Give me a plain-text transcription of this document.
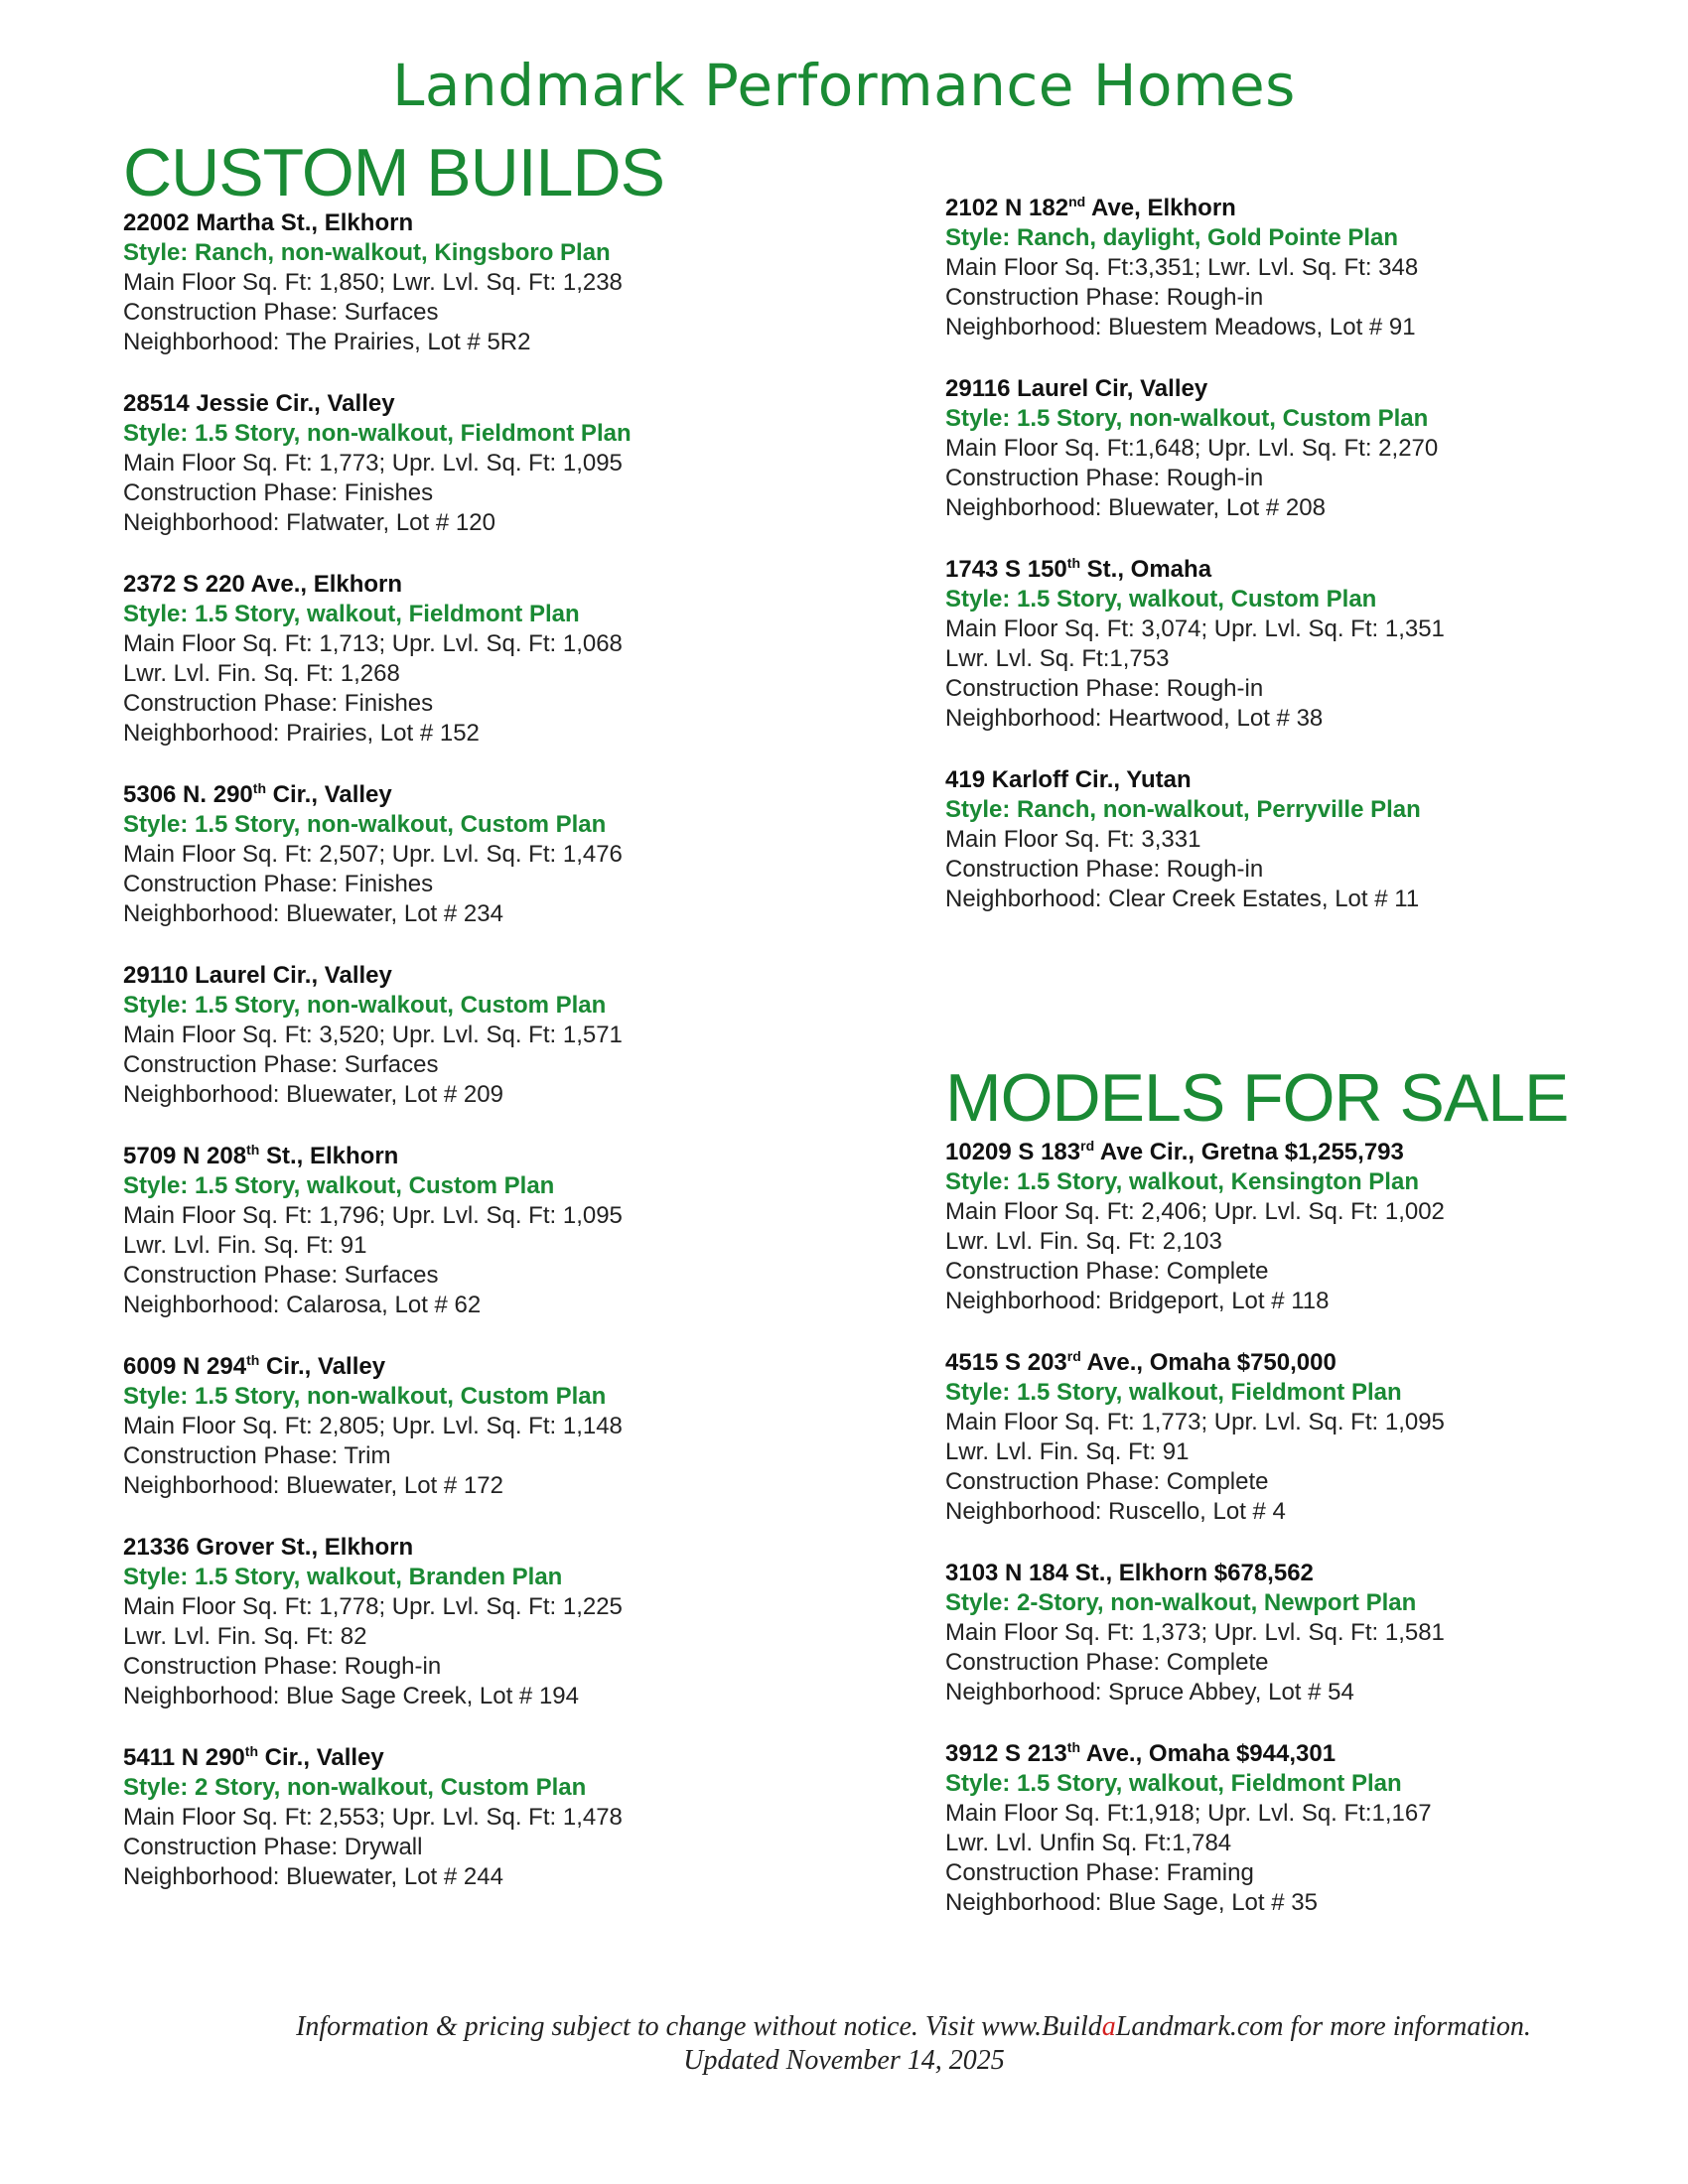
Landmark Performance Homes
CUSTOM BUILDS
22002 Martha St., Elkhorn
Style: Ranch, non-walkout, Kingsboro Plan
Main Floor Sq. Ft: 1,850; Lwr. Lvl. Sq. Ft: 1,238
Construction Phase: Surfaces
Neighborhood: The Prairies, Lot # 5R2
28514 Jessie Cir., Valley
Style: 1.5 Story, non-walkout, Fieldmont Plan
Main Floor Sq. Ft: 1,773; Upr. Lvl. Sq. Ft: 1,095
Construction Phase: Finishes
Neighborhood: Flatwater, Lot # 120
2372 S 220 Ave., Elkhorn
Style: 1.5 Story, walkout, Fieldmont Plan
Main Floor Sq. Ft: 1,713; Upr. Lvl. Sq. Ft: 1,068
Lwr. Lvl. Fin. Sq. Ft: 1,268
Construction Phase: Finishes
Neighborhood: Prairies, Lot # 152
5306 N. 290th Cir., Valley
Style: 1.5 Story, non-walkout, Custom Plan
Main Floor Sq. Ft: 2,507; Upr. Lvl. Sq. Ft: 1,476
Construction Phase: Finishes
Neighborhood: Bluewater, Lot # 234
29110 Laurel Cir., Valley
Style: 1.5 Story, non-walkout, Custom Plan
Main Floor Sq. Ft: 3,520; Upr. Lvl. Sq. Ft: 1,571
Construction Phase: Surfaces
Neighborhood: Bluewater, Lot # 209
5709 N 208th St., Elkhorn
Style: 1.5 Story, walkout, Custom Plan
Main Floor Sq. Ft: 1,796; Upr. Lvl. Sq. Ft: 1,095
Lwr. Lvl. Fin. Sq. Ft: 91
Construction Phase: Surfaces
Neighborhood: Calarosa, Lot # 62
6009 N 294th Cir., Valley
Style: 1.5 Story, non-walkout, Custom Plan
Main Floor Sq. Ft: 2,805; Upr. Lvl. Sq. Ft: 1,148
Construction Phase: Trim
Neighborhood: Bluewater, Lot # 172
21336 Grover St., Elkhorn
Style: 1.5 Story, walkout, Branden Plan
Main Floor Sq. Ft: 1,778; Upr. Lvl. Sq. Ft: 1,225
Lwr. Lvl. Fin. Sq. Ft: 82
Construction Phase: Rough-in
Neighborhood: Blue Sage Creek, Lot # 194
5411 N 290th Cir., Valley
Style: 2 Story, non-walkout, Custom Plan
Main Floor Sq. Ft: 2,553; Upr. Lvl. Sq. Ft: 1,478
Construction Phase: Drywall
Neighborhood: Bluewater, Lot # 244
2102 N 182nd Ave, Elkhorn
Style: Ranch, daylight, Gold Pointe Plan
Main Floor Sq. Ft:3,351; Lwr. Lvl. Sq. Ft: 348
Construction Phase: Rough-in
Neighborhood: Bluestem Meadows, Lot # 91
29116 Laurel Cir, Valley
Style: 1.5 Story, non-walkout, Custom Plan
Main Floor Sq. Ft:1,648; Upr. Lvl. Sq. Ft: 2,270
Construction Phase: Rough-in
Neighborhood: Bluewater, Lot # 208
1743 S 150th St., Omaha
Style: 1.5 Story, walkout, Custom Plan
Main Floor Sq. Ft: 3,074; Upr. Lvl. Sq. Ft: 1,351
Lwr. Lvl. Sq. Ft:1,753
Construction Phase: Rough-in
Neighborhood: Heartwood, Lot # 38
419 Karloff Cir., Yutan
Style: Ranch, non-walkout, Perryville Plan
Main Floor Sq. Ft: 3,331
Construction Phase: Rough-in
Neighborhood: Clear Creek Estates, Lot # 11
MODELS FOR SALE
10209 S 183rd Ave Cir., Gretna $1,255,793
Style: 1.5 Story, walkout, Kensington Plan
Main Floor Sq. Ft: 2,406; Upr. Lvl. Sq. Ft: 1,002
Lwr. Lvl. Fin. Sq. Ft: 2,103
Construction Phase: Complete
Neighborhood: Bridgeport, Lot # 118
4515 S 203rd Ave., Omaha $750,000
Style: 1.5 Story, walkout, Fieldmont Plan
Main Floor Sq. Ft: 1,773; Upr. Lvl. Sq. Ft: 1,095
Lwr. Lvl. Fin. Sq. Ft: 91
Construction Phase: Complete
Neighborhood: Ruscello, Lot # 4
3103 N 184 St., Elkhorn $678,562
Style: 2-Story, non-walkout, Newport Plan
Main Floor Sq. Ft: 1,373; Upr. Lvl. Sq. Ft: 1,581
Construction Phase: Complete
Neighborhood: Spruce Abbey, Lot # 54
3912 S 213th Ave., Omaha $944,301
Style: 1.5 Story, walkout, Fieldmont Plan
Main Floor Sq. Ft:1,918; Upr. Lvl. Sq. Ft:1,167
Lwr. Lvl. Unfin Sq. Ft:1,784
Construction Phase: Framing
Neighborhood: Blue Sage, Lot # 35
Information & pricing subject to change without notice. Visit www.BuildaLandmark.com for more information.
Updated November 14, 2025
